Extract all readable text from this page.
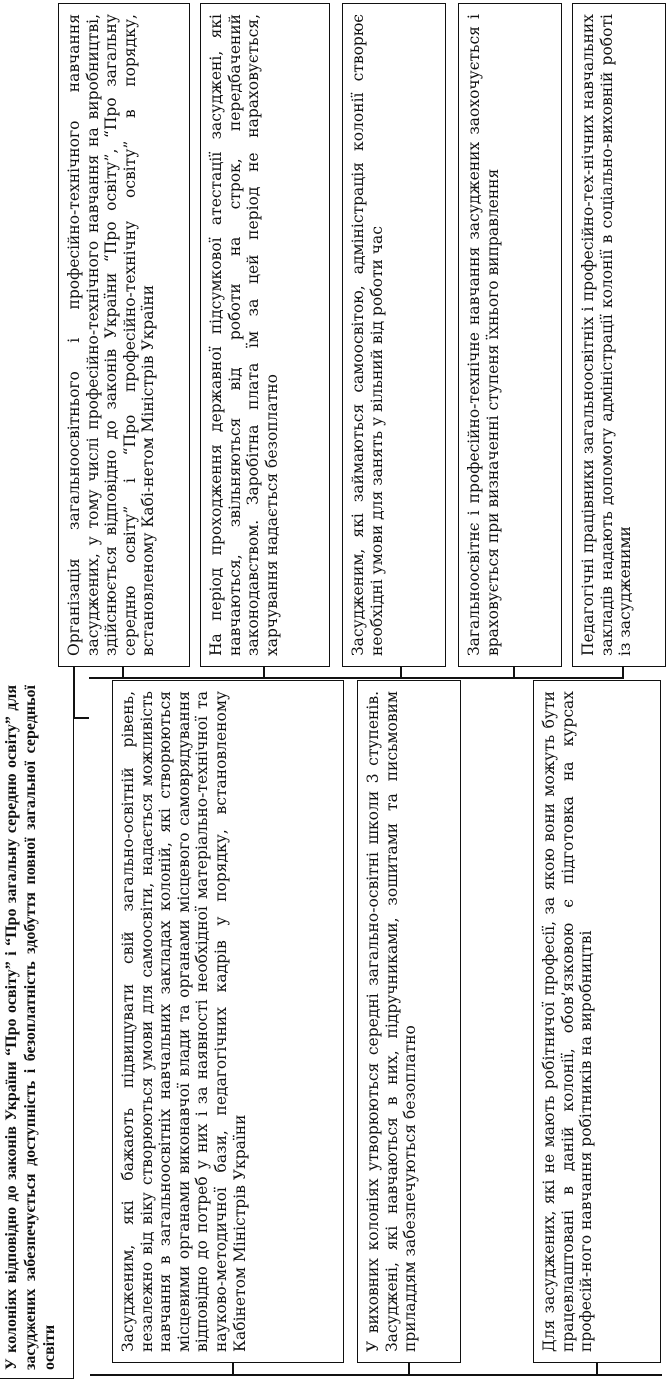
У колоніях відповідно до законів України “Про освіту” і “Про загальну середню освіту” для засуджених забезпечується доступність і безоплатність здобуття повної загальної середньої освіти	Засудженим, які бажають підвищувати свій загально-освітній рівень, незалежно від віку створюються умови для самоосвіти, надається можливість навчання в загальноосвітніх навчальних закладах колоній, які створюються місцевими органами виконавчої влади та органами місцевого самоврядування відповідно до потреб у них і за наявності необхідної матеріально-технічної та науково-методичної бази, педагогічних кадрів у порядку, встановленому Кабінетом Міністрів України	У виховних колоніях утворюються середні загально-освітні школи 3 ступенів. Засуджені, які навчаються в них, підручниками, зошитами та письмовим приладдям забезпечуються безоплатно	Для засуджених, які не мають робітничої професії, за якою вони можуть бути працевлаштовані в даній колонії, обов’язковою є підготовка на курсах професій-ного навчання робітників на виробництві
Організація загальноосвітнього і професійно-технічного навчання засуджених, у тому числі професійно-технічного навчання на виробництві, здійснюється відповідно до законів України “Про освіту”, “Про загальну середню освіту” і “Про професійно-технічну освіту” в порядку, встановленому Кабі-нетом Міністрів України	На період проходження державної підсумкової атестації засуджені, які навчаються, звільняються від роботи на строк, передбачений законодавством. Заробітна плата їм за цей період не нараховується, харчування надається безоплатно	Засудженим, які займаються самоосвітою, адміністрація колонії створює необхідні умови для занять у вільний від роботи час	Загальноосвітнє і професійно-технічне навчання засуджених заохочується і враховується при визначенні ступеня їхнього виправлення	Педагогічні працівники загальноосвітніх і професійно-тех-нічних навчальних закладів надають допомогу адміністрації колонії в соціально-виховній роботі із засудженими
